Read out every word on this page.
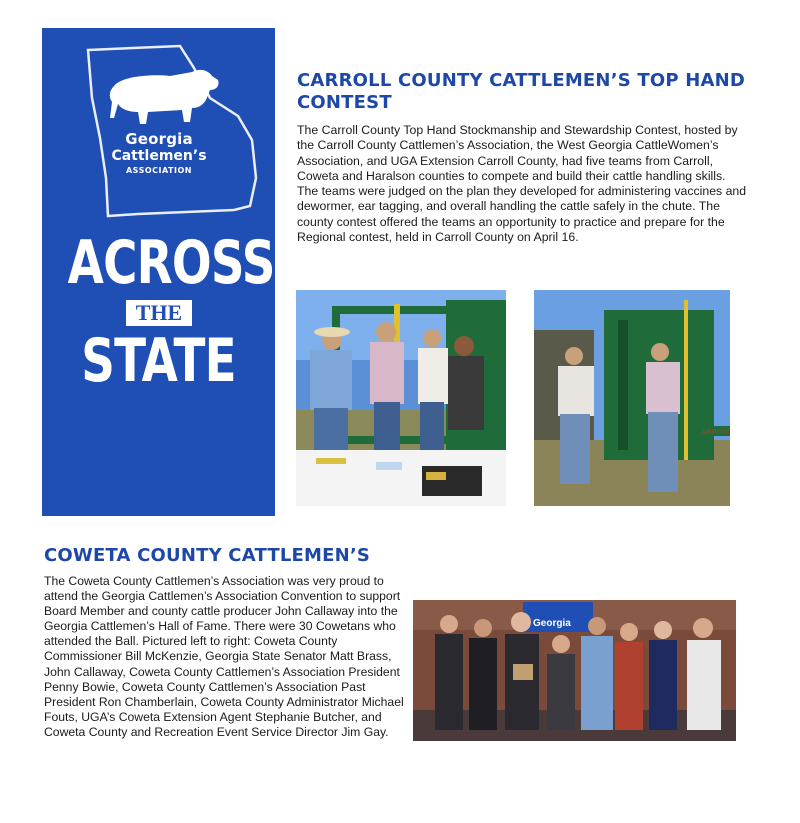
Georgia
Cattlemen’s
ASSOCIATION
ACROSS
THE
STATE
CARROLL COUNTY CATTLEMEN’S TOP HAND CONTEST
The Carroll County Top Hand Stockmanship and Stewardship Contest, hosted by the Carroll County Cattlemen’s Association, the West Georgia CattleWomen’s Association, and UGA Extension Carroll County, had five teams from Carroll, Coweta and Haralson counties to compete and build their cattle handling skills. The teams were judged on the plan they developed for administering vaccines and dewormer, ear tagging, and overall handling the cattle safely in the chute. The county contest offered the teams an opportunity to practice and prepare for the Regional contest, held in Carroll County on April 16.
ARROW
COWETA COUNTY CATTLEMEN’S
The Coweta County Cattlemen’s Association was very proud to attend the Georgia Cattlemen’s Association Convention to support Board Member and county cattle producer John Callaway into the Georgia Cattlemen’s Hall of Fame. There were 30 Cowetans who attended the Ball. Pictured left to right: Coweta County Commissioner Bill McKenzie, Georgia State Senator Matt Brass, John Callaway, Coweta County Cattlemen’s Association President Penny Bowie, Coweta County Cattlemen’s Association Past President Ron Chamberlain, Coweta County Administrator Michael Fouts, UGA’s Coweta Extension Agent Stephanie Butcher, and Coweta County and Recreation Event Service Director Jim Gay.
Georgia
